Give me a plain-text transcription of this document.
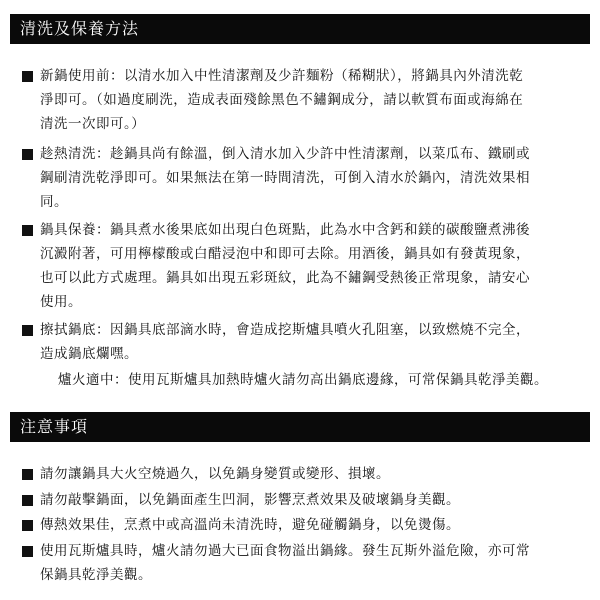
清洗及保養方法
新鍋使用前：以清水加入中性清潔劑及少許麵粉（稀糊狀），將鍋具內外清洗乾
淨即可。（如過度刷洗，造成表面殘餘黑色不鏽鋼成分，請以軟質布面或海綿在
清洗一次即可。）
趁熱清洗：趁鍋具尚有餘溫，倒入清水加入少許中性清潔劑，以菜瓜布、鐵刷或
鋼刷清洗乾淨即可。如果無法在第一時間清洗，可倒入清水於鍋內，清洗效果相
同。
鍋具保養：鍋具煮水後果底如出現白色斑點，此為水中含鈣和鎂的碳酸鹽煮沸後
沉澱附著，可用檸檬酸或白醋浸泡中和即可去除。用酒後，鍋具如有發黃現象，
也可以此方式處理。鍋具如出現五彩斑紋，此為不鏽鋼受熱後正常現象，請安心
使用。
擦拭鍋底：因鍋具底部滴水時，會造成挖斯爐具噴火孔阻塞，以致燃燒不完全，
造成鍋底爛嘿。
爐火適中：使用瓦斯爐具加熱時爐火請勿高出鍋底邊緣，可常保鍋具乾淨美觀。
注意事項
請勿讓鍋具大火空燒過久，以免鍋身變質或變形、損壞。
請勿敲擊鍋面，以免鍋面產生凹洞，影響烹煮效果及破壞鍋身美觀。
傳熱效果佳，烹煮中或高溫尚未清洗時，避免碰觸鍋身，以免燙傷。
使用瓦斯爐具時，爐火請勿過大已面食物溢出鍋緣。發生瓦斯外溢危險，亦可常
保鍋具乾淨美觀。
